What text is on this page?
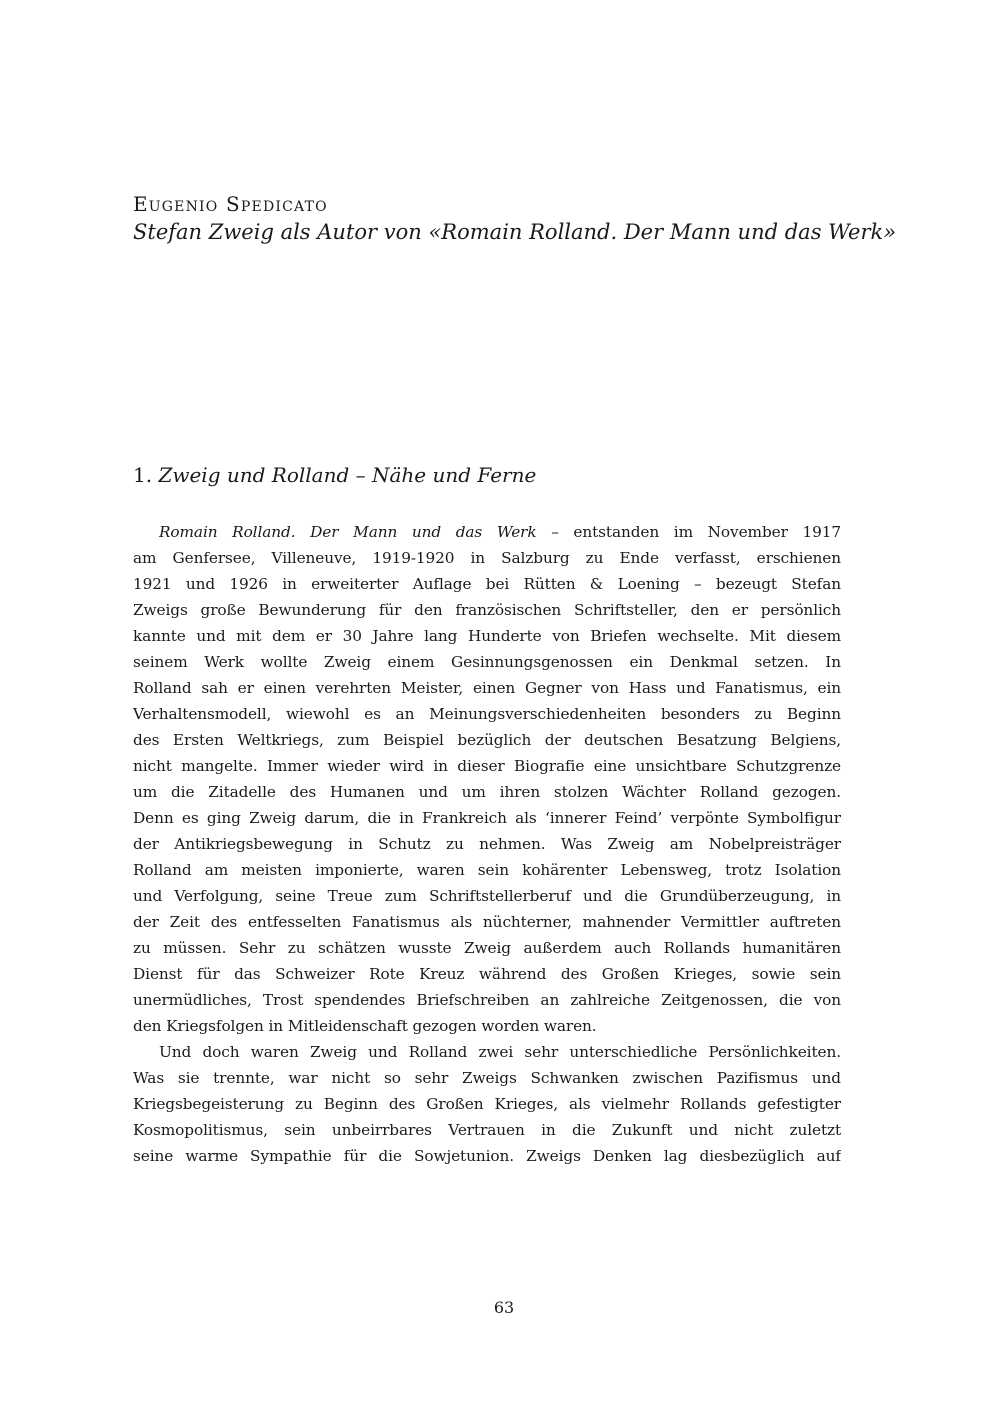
Eugenio Spedicato
Stefan Zweig als Autor von «Romain Rolland. Der Mann und das Werk»
1. Zweig und Rolland – Nähe und Ferne
Romain Rolland. Der Mann und das Werk – entstanden im November 1917
am Genfersee, Villeneuve, 1919-1920 in Salzburg zu Ende verfasst, erschienen
1921 und 1926 in erweiterter Auflage bei Rütten & Loening – bezeugt Stefan
Zweigs große Bewunderung für den französischen Schriftsteller, den er persönlich
kannte und mit dem er 30 Jahre lang Hunderte von Briefen wechselte. Mit diesem
seinem Werk wollte Zweig einem Gesinnungsgenossen ein Denkmal setzen. In
Rolland sah er einen verehrten Meister, einen Gegner von Hass und Fanatismus, ein
Verhaltensmodell, wiewohl es an Meinungsverschiedenheiten besonders zu Beginn
des Ersten Weltkriegs, zum Beispiel bezüglich der deutschen Besatzung Belgiens,
nicht mangelte. Immer wieder wird in dieser Biografie eine unsichtbare Schutzgrenze
um die Zitadelle des Humanen und um ihren stolzen Wächter Rolland gezogen.
Denn es ging Zweig darum, die in Frankreich als ‘innerer Feind’ verpönte Symbolfigur
der Antikriegsbewegung in Schutz zu nehmen. Was Zweig am Nobelpreisträger
Rolland am meisten imponierte, waren sein kohärenter Lebensweg, trotz Isolation
und Verfolgung, seine Treue zum Schriftstellerberuf und die Grundüberzeugung, in
der Zeit des entfesselten Fanatismus als nüchterner, mahnender Vermittler auftreten
zu müssen. Sehr zu schätzen wusste Zweig außerdem auch Rollands humanitären
Dienst für das Schweizer Rote Kreuz während des Großen Krieges, sowie sein
unermüdliches, Trost spendendes Briefschreiben an zahlreiche Zeitgenossen, die von
den Kriegsfolgen in Mitleidenschaft gezogen worden waren.
Und doch waren Zweig und Rolland zwei sehr unterschiedliche Persönlichkeiten.
Was sie trennte, war nicht so sehr Zweigs Schwanken zwischen Pazifismus und
Kriegsbegeisterung zu Beginn des Großen Krieges, als vielmehr Rollands gefestigter
Kosmopolitismus, sein unbeirrbares Vertrauen in die Zukunft und nicht zuletzt
seine warme Sympathie für die Sowjetunion. Zweigs Denken lag diesbezüglich auf
63
